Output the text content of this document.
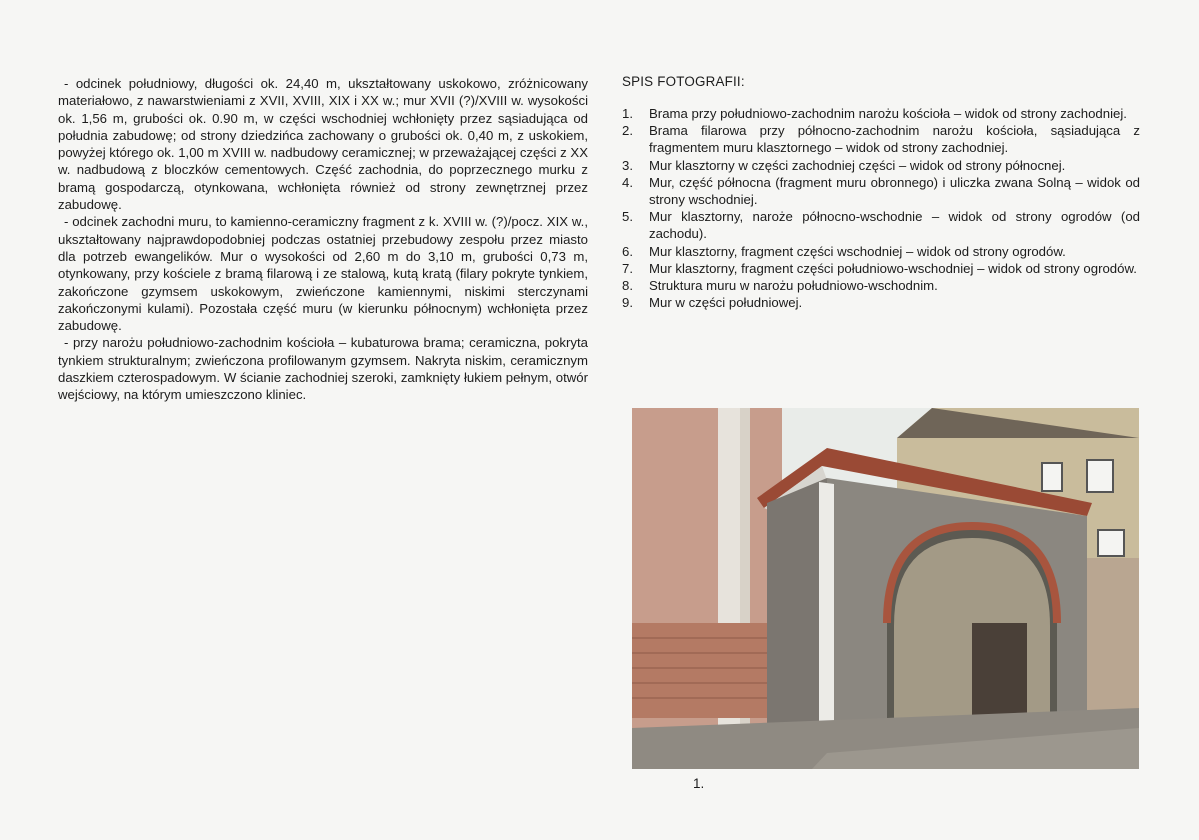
- odcinek południowy, długości ok. 24,40 m, ukształtowany uskokowo, zróżnicowany materiałowo, z nawarstwieniami z XVII, XVIII, XIX i XX w.; mur XVII (?)/XVIII w. wysokości ok. 1,56 m, grubości ok. 0.90 m, w części wschodniej wchłonięty przez sąsiadująca od południa zabudowę; od strony dziedzińca zachowany o grubości ok. 0,40 m, z uskokiem, powyżej którego ok. 1,00 m XVIII w. nadbudowy ceramicznej; w przeważającej części z XX w. nadbudową z bloczków cementowych. Część zachodnia, do poprzecznego murku z bramą gospodarczą, otynkowana, wchłonięta również od strony zewnętrznej przez zabudowę.

- odcinek zachodni muru, to kamienno-ceramiczny fragment z k. XVIII w. (?)/pocz. XIX w., ukształtowany najprawdopodobniej podczas ostatniej przebudowy zespołu przez miasto dla potrzeb ewangelików. Mur o wysokości od 2,60 m do 3,10 m, grubości 0,73 m, otynkowany, przy kościele z bramą filarową i ze stalową, kutą kratą (filary pokryte tynkiem, zakończone gzymsem uskokowym, zwieńczone kamiennymi, niskimi sterczynami zakończonymi kulami). Pozostała część muru (w kierunku północnym) wchłonięta przez zabudowę.

- przy narożu południowo-zachodnim kościoła – kubaturowa brama; ceramiczna, pokryta tynkiem strukturalnym; zwieńczona profilowanym gzymsem. Nakryta niskim, ceramicznym daszkiem czterospadowym. W ścianie zachodniej szeroki, zamknięty łukiem pełnym, otwór wejściowy, na którym umieszczono kliniec.

SPIS FOTOGRAFII:
1.	Brama przy południowo-zachodnim narożu kościoła – widok od strony zachodniej.
2.	Brama filarowa przy północno-zachodnim narożu kościoła, sąsiadująca z fragmentem muru klasztornego – widok od strony zachodniej.
3.	Mur klasztorny w części zachodniej części – widok od strony północnej.
4.	Mur, część północna (fragment muru obronnego) i uliczka zwana Solną – widok od strony wschodniej.
5.	Mur klasztorny, naroże północno-wschodnie – widok od strony ogrodów (od zachodu).
6.	Mur klasztorny, fragment części wschodniej – widok od strony ogrodów.
7.	Mur klasztorny, fragment części południowo-wschodniej – widok od strony ogrodów.
8.	Struktura muru w narożu południowo-wschodnim.
9.	Mur w części południowej.
1.
